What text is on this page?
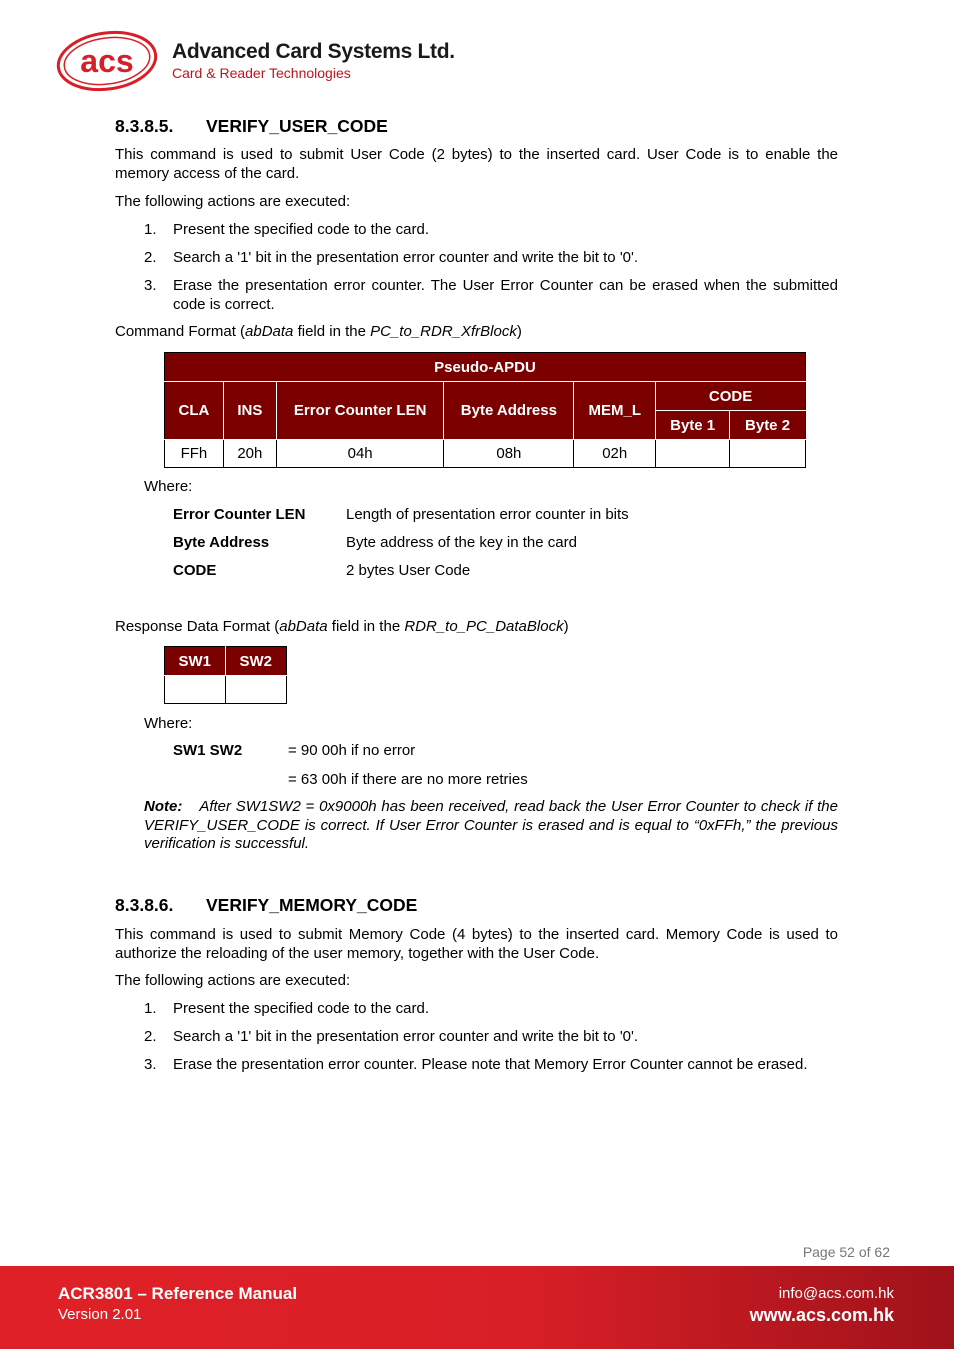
acs Advanced Card Systems Ltd.
Card & Reader Technologies
8.3.8.5. VERIFY_USER_CODE
This command is used to submit User Code (2 bytes) to the inserted card. User Code is to enable the memory access of the card.
The following actions are executed:
1. Present the specified code to the card.
2. Search a '1' bit in the presentation error counter and write the bit to '0'.
3. Erase the presentation error counter. The User Error Counter can be erased when the submitted code is correct.
Command Format (abData field in the PC_to_RDR_XfrBlock)
Pseudo-APDU						
CLA	INS	Error Counter LEN	Byte Address	MEM_L	CODE	
					Byte 1	Byte 2
FFh	20h	04h	08h	02h		
Where:
Error Counter LEN	Length of presentation error counter in bits
Byte Address	Byte address of the key in the card
CODE	2 bytes User Code
Response Data Format (abData field in the RDR_to_PC_DataBlock)
SW1	SW2

Where:
SW1 SW2	= 90 00h if no error
= 63 00h if there are no more retries
Note: After SW1SW2 = 0x9000h has been received, read back the User Error Counter to check if the VERIFY_USER_CODE is correct. If User Error Counter is erased and is equal to “0xFFh,” the previous verification is successful.
8.3.8.6. VERIFY_MEMORY_CODE
This command is used to submit Memory Code (4 bytes) to the inserted card. Memory Code is used to authorize the reloading of the user memory, together with the User Code.
The following actions are executed:
1. Present the specified code to the card.
2. Search a '1' bit in the presentation error counter and write the bit to '0'.
3. Erase the presentation error counter. Please note that Memory Error Counter cannot be erased.
Page 52 of 62
ACR3801 – Reference Manual
Version 2.01
info@acs.com.hk
www.acs.com.hk
